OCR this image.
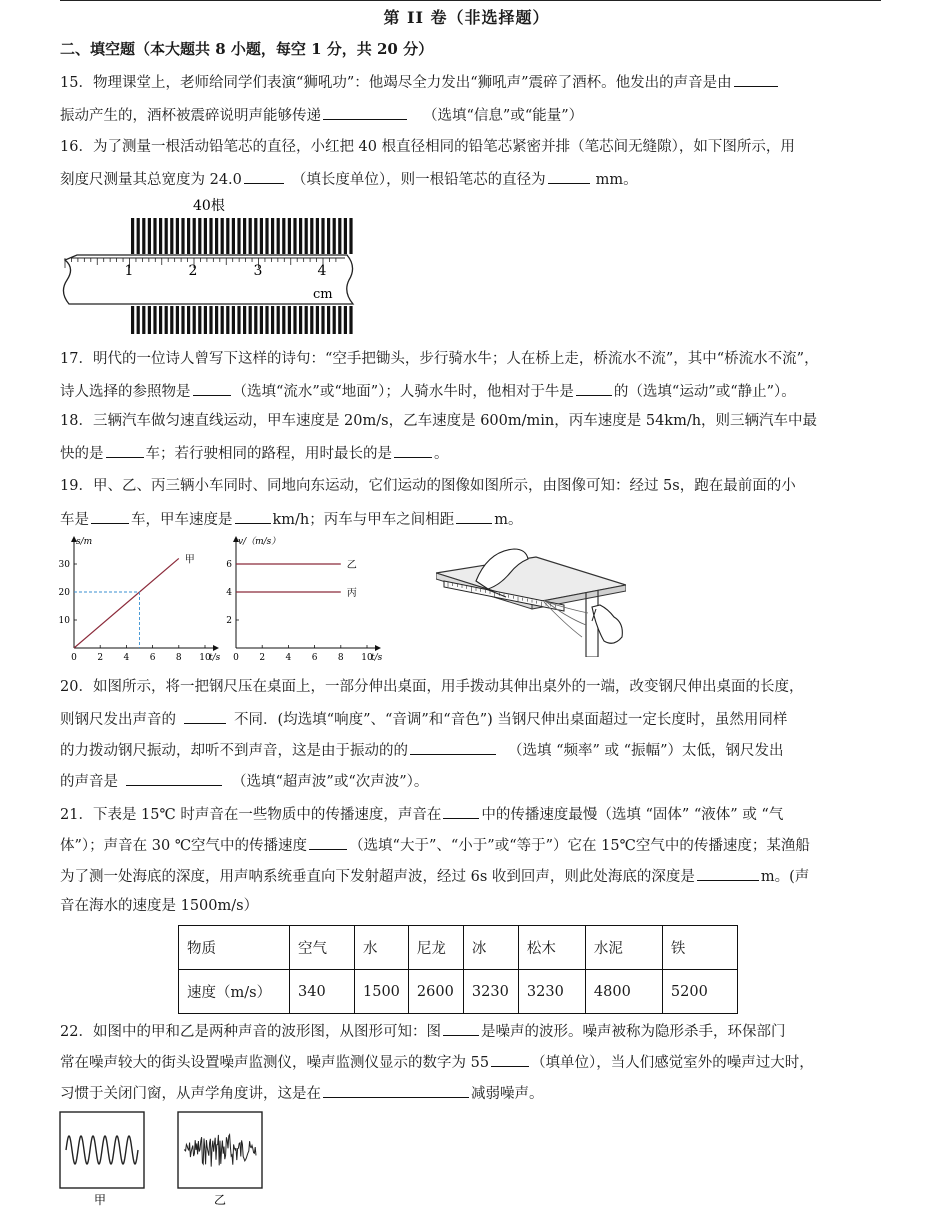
第 II 卷（非选择题）
二、填空题（本大题共 8 小题，每空 1 分，共 20 分）
15．物理课堂上，老师给同学们表演“狮吼功”：他竭尽全力发出“狮吼声”震碎了酒杯。他发出的声音是由
振动产生的，酒杯被震碎说明声能够传递	（选填“信息”或“能量”）
16．为了测量一根活动铅笔芯的直径，小红把 40 根直径相同的铅笔芯紧密并排（笔芯间无缝隙），如下图所示，用
刻度尺测量其总宽度为 24.0	（填长度单位），则一根铅笔芯的直径为	mm。
40根
1	2	3	4
cm
17．明代的一位诗人曾写下这样的诗句：“空手把锄头，步行骑水牛；人在桥上走，桥流水不流”，其中“桥流水不流”，
诗人选择的参照物是	（选填“流水”或“地面”）；人骑水牛时，他相对于牛是	的（选填“运动”或“静止”）。
18．三辆汽车做匀速直线运动，甲车速度是 20m/s，乙车速度是 600m/min，丙车速度是 54km/h，则三辆汽车中最
快的是	车；若行驶相同的路程，用时最长的是	。
19．甲、乙、丙三辆小车同时、同地向东运动，它们运动的图像如图所示，由图像可知：经过 5s，跑在最前面的小
车是	车，甲车速度是	km/h；丙车与甲车之间相距	m。
s/m
t/s
0 2 4 6 8 10
10
20
30	甲
v/（m/s）
t/s
0 2 4 6 8 10
2
4
6	乙
丙
20．如图所示，将一把钢尺压在桌面上，一部分伸出桌面，用手拨动其伸出桌外的一端，改变钢尺伸出桌面的长度，
则钢尺发出声音的	不同．(均选填“响度”、“音调”和“音色”) 当钢尺伸出桌面超过一定长度时，虽然用同样
的力拨动钢尺振动，却听不到声音，这是由于振动的的	（选填 “频率” 或 “振幅”）太低，钢尺发出
的声音是	（选填“超声波”或“次声波”）。
21．下表是 15℃ 时声音在一些物质中的传播速度，声音在	中的传播速度最慢（选填 “固体” “液体” 或 “气
体”）；声音在 30 ℃空气中的传播速度	（选填“大于”、“小于”或“等于”）它在 15℃空气中的传播速度；某渔船
为了测一处海底的深度，用声呐系统垂直向下发射超声波，经过 6s 收到回声，则此处海底的深度是	m。(声
音在海水的速度是 1500m/s）
物质	空气	水	尼龙	冰	松木	水泥	铁
速度（m/s）	340	1500	2600	3230	3230	4800	5200
22．如图中的甲和乙是两种声音的波形图，从图形可知：图	是噪声的波形。噪声被称为隐形杀手，环保部门
常在噪声较大的街头设置噪声监测仪，噪声监测仪显示的数字为 55	（填单位），当人们感觉室外的噪声过大时，
习惯于关闭门窗，从声学角度讲，这是在	减弱噪声。
甲	乙
